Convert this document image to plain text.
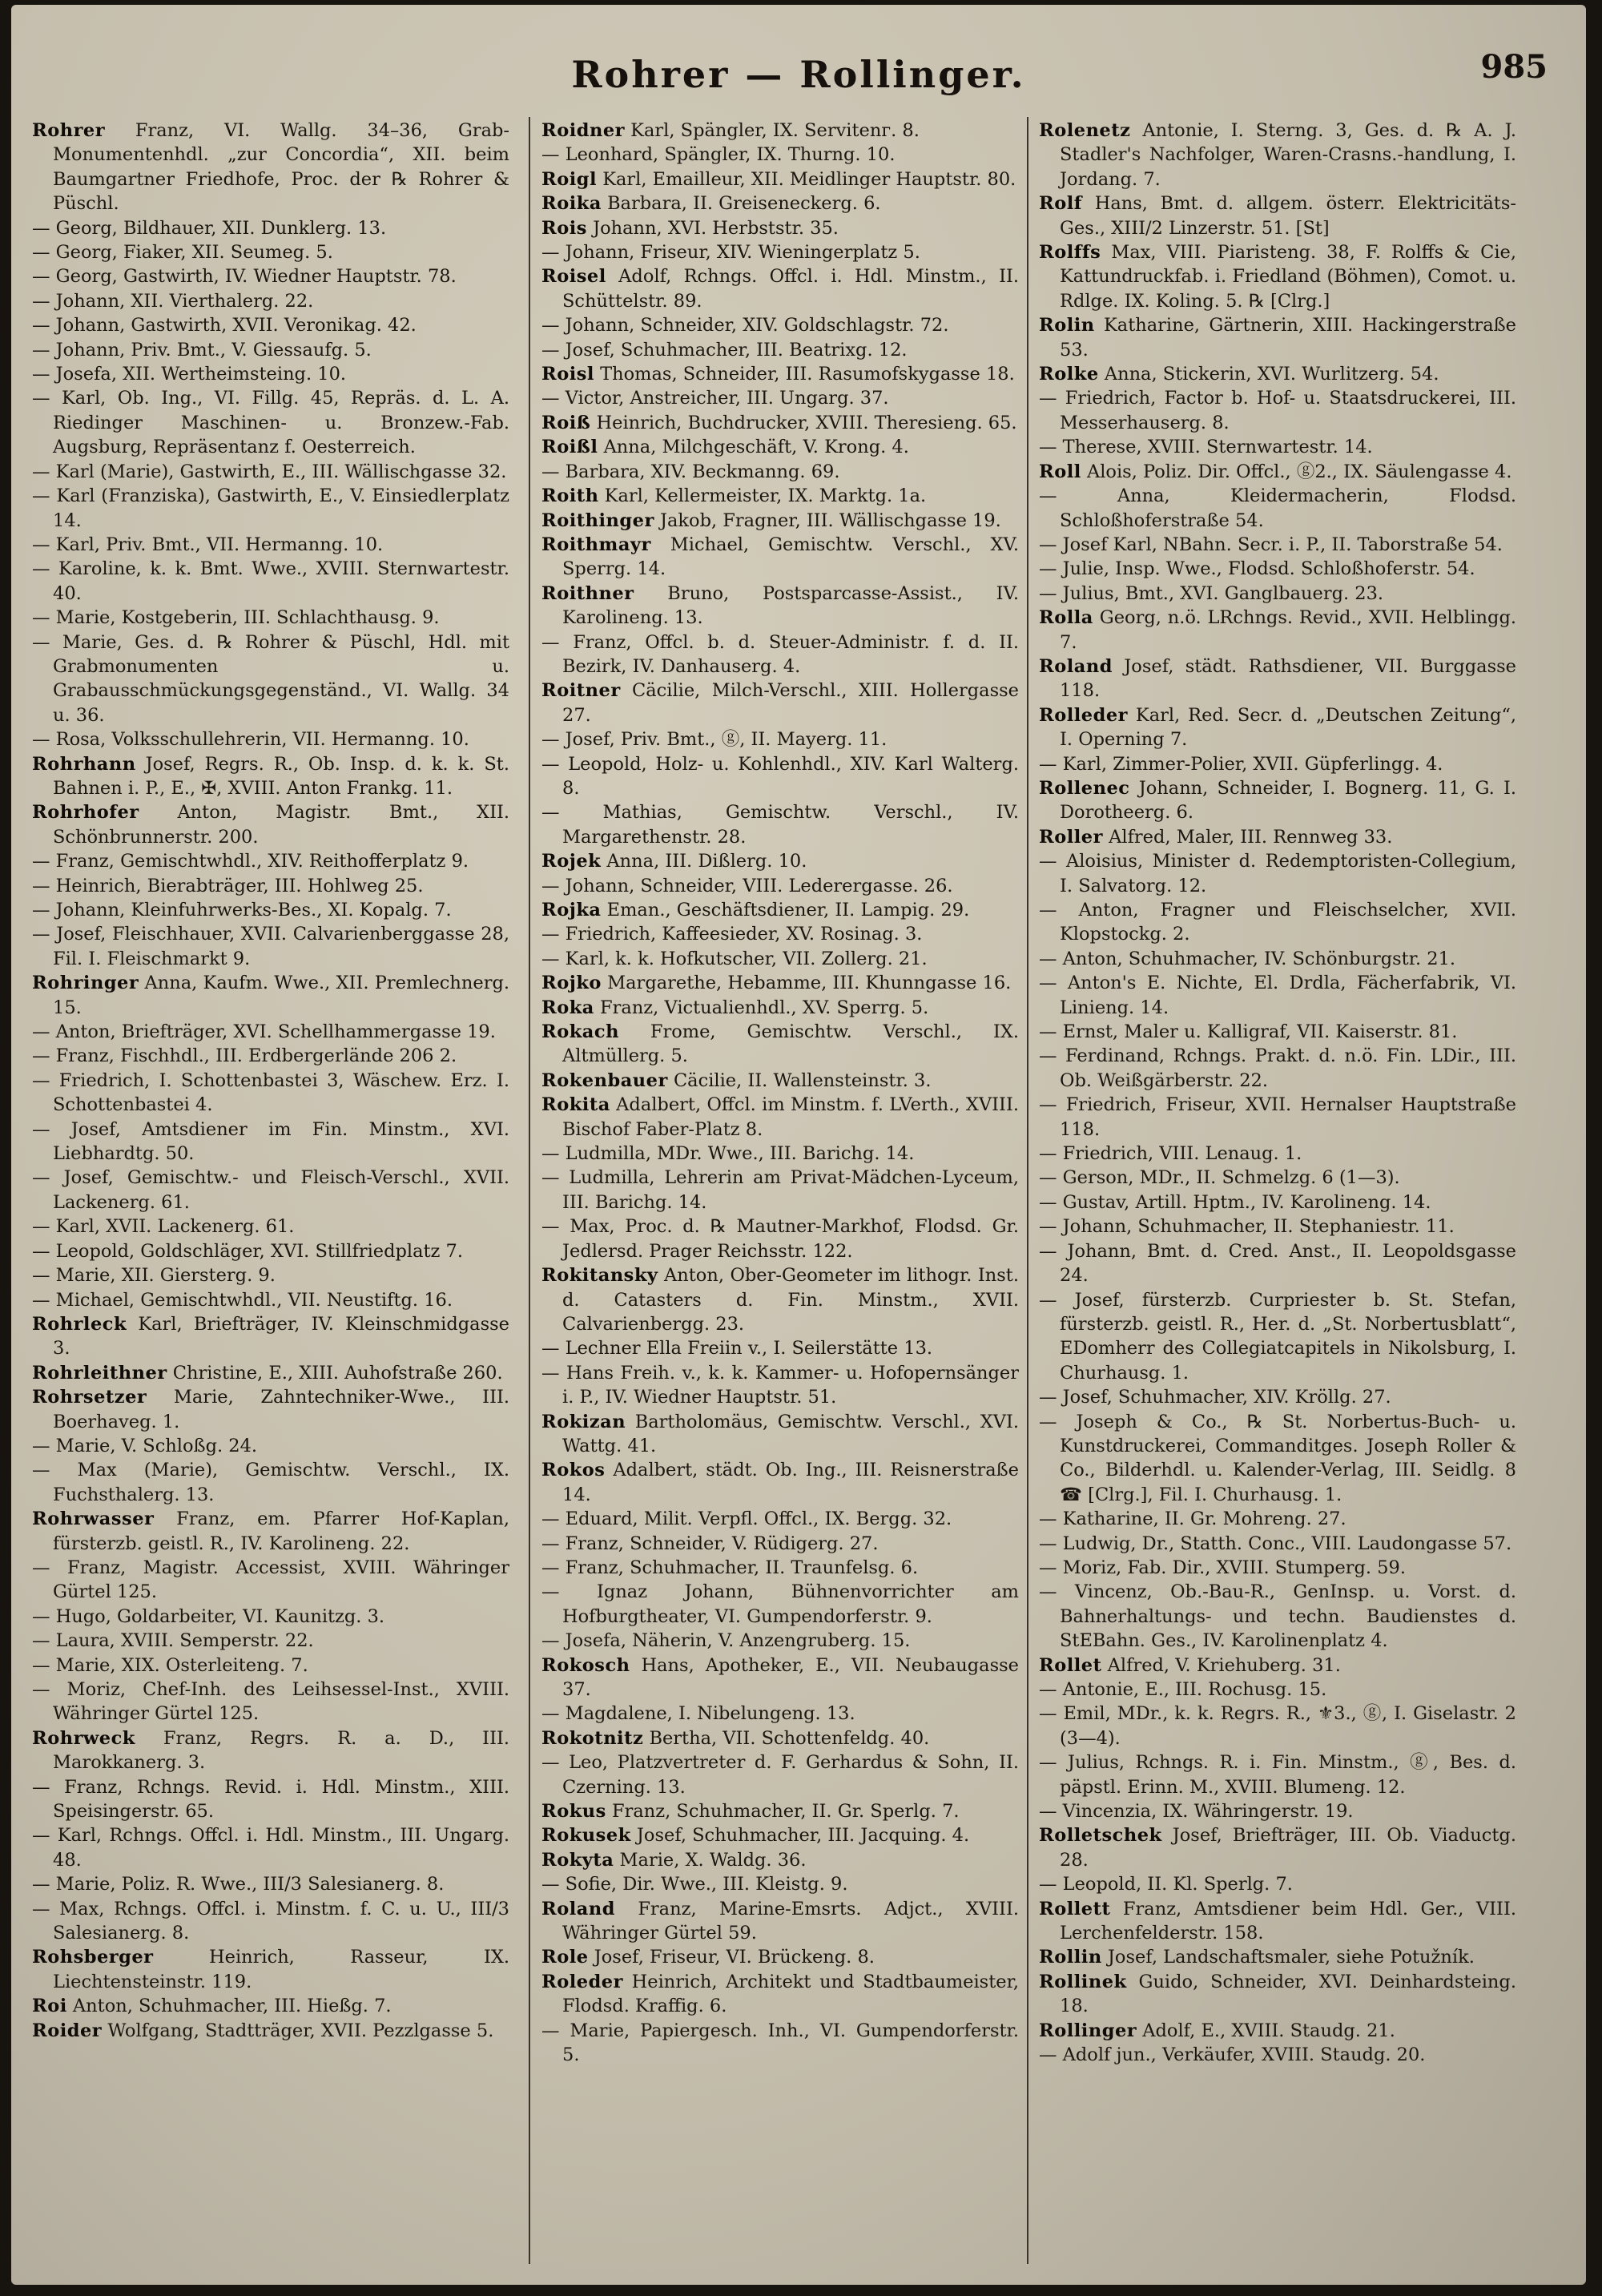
Rohrer — Rollinger.	985

Rohrer Franz, VI. Wallg. 34–36, Grab-Monumentenhdl. „zur Concordia“, XII. beim Baumgartner Friedhofe, Proc. der ℞ Rohrer & Püschl.

— Georg, Bildhauer, XII. Dunklerg. 13.

— Georg, Fiaker, XII. Seumeg. 5.

— Georg, Gastwirth, IV. Wiedner Hauptstr. 78.

— Johann, XII. Vierthalerg. 22.

— Johann, Gastwirth, XVII. Veronikag. 42.

— Johann, Priv. Bmt., V. Giessaufg. 5.

— Josefa, XII. Wertheimsteing. 10.

— Karl, Ob. Ing., VI. Fillg. 45, Repräs. d. L. A. Riedinger Maschinen- u. Bronzew.-Fab. Augsburg, Repräsentanz f. Oesterreich.

— Karl (Marie), Gastwirth, E., III. Wällischgasse 32.

— Karl (Franziska), Gastwirth, E., V. Einsiedlerplatz 14.

— Karl, Priv. Bmt., VII. Hermanng. 10.

— Karoline, k. k. Bmt. Wwe., XVIII. Sternwartestr. 40.

— Marie, Kostgeberin, III. Schlachthausg. 9.

— Marie, Ges. d. ℞ Rohrer & Püschl, Hdl. mit Grabmonumenten u. Grabausschmückungsgegenständ., VI. Wallg. 34 u. 36.

— Rosa, Volksschullehrerin, VII. Hermanng. 10.

Rohrhann Josef, Regrs. R., Ob. Insp. d. k. k. St. Bahnen i. P., E., ✠, XVIII. Anton Frankg. 11.

Rohrhofer Anton, Magistr. Bmt., XII. Schönbrunnerstr. 200.

— Franz, Gemischtwhdl., XIV. Reithofferplatz 9.

— Heinrich, Bierabträger, III. Hohlweg 25.

— Johann, Kleinfuhrwerks-Bes., XI. Kopalg. 7.

— Josef, Fleischhauer, XVII. Calvarienberggasse 28, Fil. I. Fleischmarkt 9.

Rohringer Anna, Kaufm. Wwe., XII. Premlechnerg. 15.

— Anton, Briefträger, XVI. Schellhammergasse 19.

— Franz, Fischhdl., III. Erdbergerlände 206 2.

— Friedrich, I. Schottenbastei 3, Wäschew. Erz. I. Schottenbastei 4.

— Josef, Amtsdiener im Fin. Minstm., XVI. Liebhardtg. 50.

— Josef, Gemischtw.- und Fleisch-Verschl., XVII. Lackenerg. 61.

— Karl, XVII. Lackenerg. 61.

— Leopold, Goldschläger, XVI. Stillfriedplatz 7.

— Marie, XII. Giersterg. 9.

— Michael, Gemischtwhdl., VII. Neustiftg. 16.

Rohrleck Karl, Briefträger, IV. Kleinschmidgasse 3.

Rohrleithner Christine, E., XIII. Auhofstraße 260.

Rohrsetzer Marie, Zahntechniker-Wwe., III. Boerhaveg. 1.

— Marie, V. Schloßg. 24.

— Max (Marie), Gemischtw. Verschl., IX. Fuchsthalerg. 13.

Rohrwasser Franz, em. Pfarrer Hof-Kaplan, fürsterzb. geistl. R., IV. Karolineng. 22.

— Franz, Magistr. Accessist, XVIII. Währinger Gürtel 125.

— Hugo, Goldarbeiter, VI. Kaunitzg. 3.

— Laura, XVIII. Semperstr. 22.

— Marie, XIX. Osterleiteng. 7.

— Moriz, Chef-Inh. des Leihsessel-Inst., XVIII. Währinger Gürtel 125.

Rohrweck Franz, Regrs. R. a. D., III. Marokkanerg. 3.

— Franz, Rchngs. Revid. i. Hdl. Minstm., XIII. Speisingerstr. 65.

— Karl, Rchngs. Offcl. i. Hdl. Minstm., III. Ungarg. 48.

— Marie, Poliz. R. Wwe., III/3 Salesianerg. 8.

— Max, Rchngs. Offcl. i. Minstm. f. C. u. U., III/3 Salesianerg. 8.

Rohsberger	Heinrich, Rasseur, IX. Liechtensteinstr. 119.

Roi Anton, Schuhmacher, III. Hießg. 7.

Roider Wolfgang, Stadtträger, XVII. Pezzlgasse 5.

Roidner Karl, Spängler, IX. Servitenг. 8.

— Leonhard, Spängler, IX. Thurng. 10.

Roigl Karl, Emailleur, XII. Meidlinger Hauptstr. 80.

Roika Barbara, II. Greiseneckerg. 6.

Rois Johann, XVI. Herbststr. 35.

— Johann, Friseur, XIV. Wieningerplatz 5.

Roisel Adolf, Rchngs. Offcl. i. Hdl. Minstm., II. Schüttelstr. 89.

— Johann, Schneider, XIV. Goldschlagstr. 72.

— Josef, Schuhmacher, III. Beatrixg. 12.

Roisl Thomas, Schneider, III. Rasumofskygasse 18.

— Victor, Anstreicher, III. Ungarg. 37.

Roiß Heinrich, Buchdrucker, XVIII. Theresieng. 65.

Roißl Anna, Milchgeschäft, V. Krong. 4.

— Barbara, XIV. Beckmanng. 69.

Roith Karl, Kellermeister, IX. Marktg. 1a.

Roithinger Jakob, Fragner, III. Wällischgasse 19.

Roithmayr Michael, Gemischtw. Verschl., XV. Sperrg. 14.

Roithner Bruno, Postsparcasse-Assist., IV. Karolineng. 13.

— Franz, Offcl. b. d. Steuer-Administr. f. d. II. Bezirk, IV. Danhauserg. 4.

Roitner Cäcilie, Milch-Verschl., XIII. Hollergasse 27.

— Josef, Priv. Bmt., ⓖ, II. Mayerg. 11.

— Leopold, Holz- u. Kohlenhdl., XIV. Karl Walterg. 8.

— Mathias, Gemischtw. Verschl., IV. Margarethenstr. 28.

Rojek Anna, III. Dißlerg. 10.

— Johann, Schneider, VIII. Lederergasse. 26.

Rojka Eman., Geschäftsdiener, II. Lampig. 29.

— Friedrich, Kaffeesieder, XV. Rosinag. 3.

— Karl, k. k. Hofkutscher, VII. Zollerg. 21.

Rojko Margarethe, Hebamme, III. Khunngasse 16.

Roka Franz, Victualienhdl., XV. Sperrg. 5.

Rokach Frome, Gemischtw. Verschl., IX. Altmüllerg. 5.

Rokenbauer Cäcilie, II. Wallensteinstr. 3.

Rokita Adalbert, Offcl. im Minstm. f. LVerth., XVIII. Bischof Faber-Platz 8.

— Ludmilla, MDr. Wwe., III. Barichg. 14.

— Ludmilla, Lehrerin am Privat-Mädchen-Lyceum, III. Barichg. 14.

— Max, Proc. d. ℞ Mautner-Markhof, Flodsd. Gr. Jedlersd. Prager Reichsstr. 122.

Rokitansky Anton, Ober-Geometer im lithogr. Inst. d. Catasters d. Fin. Minstm., XVII. Calvarienbergg. 23.

— Lechner Ella Freiin v., I. Seilerstätte 13.

— Hans Freih. v., k. k. Kammer- u. Hofopernsänger i. P., IV. Wiedner Hauptstr. 51.

Rokizan Bartholomäus, Gemischtw. Verschl., XVI. Wattg. 41.

Rokos Adalbert, städt. Ob. Ing., III. Reisnerstraße 14.

— Eduard, Milit. Verpfl. Offcl., IX. Bergg. 32.

— Franz, Schneider, V. Rüdigerg. 27.

— Franz, Schuhmacher, II. Traunfelsg. 6.

— Ignaz Johann, Bühnenvorrichter am Hofburgtheater, VI. Gumpendorferstr. 9.

— Josefa, Näherin, V. Anzengruberg. 15.

Rokosch Hans, Apotheker, E., VII. Neubaugasse 37.

— Magdalene, I. Nibelungeng. 13.

Rokotnitz Bertha, VII. Schottenfeldg. 40.

— Leo, Platzvertreter d. F. Gerhardus & Sohn, II. Czerning. 13.

Rokus Franz, Schuhmacher, II. Gr. Sperlg. 7.

Rokusek Josef, Schuhmacher, III. Jacquing. 4.

Rokyta Marie, X. Waldg. 36.

— Sofie, Dir. Wwe., III. Kleistg. 9.

Roland Franz, Marine-Emsrts. Adjct., XVIII. Währinger Gürtel 59.

Role Josef, Friseur, VI. Brückeng. 8.

Roleder Heinrich, Architekt und Stadtbaumeister, Flodsd. Kraffig. 6.

— Marie, Papiergesch. Inh., VI. Gumpendorferstr. 5.

Rolenetz Antonie, I. Sterng. 3, Ges. d. ℞ A. J. Stadler's Nachfolger, Waren-Crasns.-handlung, I. Jordang. 7.

Rolf Hans, Bmt. d. allgem. österr. Elektricitäts-Ges., XIII/2 Linzerstr. 51. [St]

Rolffs Max, VIII. Piaristeng. 38, F. Rolffs & Cie, Kattundruckfab. i. Friedland (Böhmen), Comot. u. Rdlge. IX. Koling. 5. ℞ [Clrg.]

Rolin Katharine, Gärtnerin, XIII. Hackingerstraße 53.

Rolke Anna, Stickerin, XVI. Wurlitzerg. 54.

— Friedrich, Factor b. Hof- u. Staatsdruckerei, III. Messerhauserg. 8.

— Therese, XVIII. Sternwartestr. 14.

Roll Alois, Poliz. Dir. Offcl., ⓖ2., IX. Säulengasse 4.

— Anna, Kleidermacherin, Flodsd. Schloßhoferstraße 54.

— Josef Karl, NBahn. Secr. i. P., II. Taborstraße 54.

— Julie, Insp. Wwe., Flodsd. Schloßhoferstr. 54.

— Julius, Bmt., XVI. Ganglbauerg. 23.

Rolla Georg, n.ö. LRchngs. Revid., XVII. Helblingg. 7.

Roland Josef, städt. Rathsdiener, VII. Burggasse 118.

Rolleder Karl, Red. Secr. d. „Deutschen Zeitung“, I. Operning 7.

— Karl, Zimmer-Polier, XVII. Güpferlingg. 4.

Rollenec Johann, Schneider, I. Bognerg. 11, G. I. Dorotheerg. 6.

Roller Alfred, Maler, III. Rennweg 33.

— Aloisius, Minister d. Redemptoristen-Collegium, I. Salvatorg. 12.

— Anton, Fragner und Fleischselcher, XVII. Klopstockg. 2.

— Anton, Schuhmacher, IV. Schönburgstr. 21.

— Anton's E. Nichte, El. Drdla, Fächerfabrik, VI. Linieng. 14.

— Ernst, Maler u. Kalligraf, VII. Kaiserstr. 81.

— Ferdinand, Rchngs. Prakt. d. n.ö. Fin. LDir., III. Ob. Weißgärberstr. 22.

— Friedrich, Friseur, XVII. Hernalser Hauptstraße 118.

— Friedrich, VIII. Lenaug. 1.

— Gerson, MDr., II. Schmelzg. 6 (1—3).

— Gustav, Artill. Hptm., IV. Karolineng. 14.

— Johann, Schuhmacher, II. Stephaniestr. 11.

— Johann, Bmt. d. Cred. Anst., II. Leopoldsgasse 24.

— Josef, fürsterzb. Curpriester b. St. Stefan, fürsterzb. geistl. R., Her. d. „St. Norbertusblatt“, EDomherr des Collegiatcapitels in Nikolsburg, I. Churhausg. 1.

— Josef, Schuhmacher, XIV. Kröllg. 27.

— Joseph & Co., ℞ St. Norbertus-Buch- u. Kunstdruckerei, Commanditges. Joseph Roller & Co., Bilderhdl. u. Kalender-Verlag, III. Seidlg. 8 ☎ [Clrg.], Fil. I. Churhausg. 1.

— Katharine, II. Gr. Mohreng. 27.

— Ludwig, Dr., Statth. Conc., VIII. Laudongasse 57.

— Moriz, Fab. Dir., XVIII. Stumperg. 59.

— Vincenz, Ob.-Bau-R., GenInsp. u. Vorst. d. Bahnerhaltungs- und techn. Baudienstes d. StEBahn. Ges., IV. Karolinenplatz 4.

Rollet Alfred, V. Kriehuberg. 31.

— Antonie, E., III. Rochusg. 15.

— Emil, MDr., k. k. Regrs. R., ⚜3., ⓖ, I. Giselastr. 2 (3—4).

— Julius, Rchngs. R. i. Fin. Minstm., ⓖ, Bes. d. päpstl. Erinn. M., XVIII. Blumeng. 12.

— Vincenzia, IX. Währingerstr. 19.

Rolletschek Josef, Briefträger, III. Ob. Viaductg. 28.

— Leopold, II. Kl. Sperlg. 7.

Rollett Franz, Amtsdiener beim Hdl. Ger., VIII. Lerchenfelderstr. 158.

Rollin Josef, Landschaftsmaler, siehe Potužník.

Rollinek Guido, Schneider, XVI. Deinhardsteing. 18.

Rollinger Adolf, E., XVIII. Staudg. 21.

— Adolf jun., Verkäufer, XVIII. Staudg. 20.
